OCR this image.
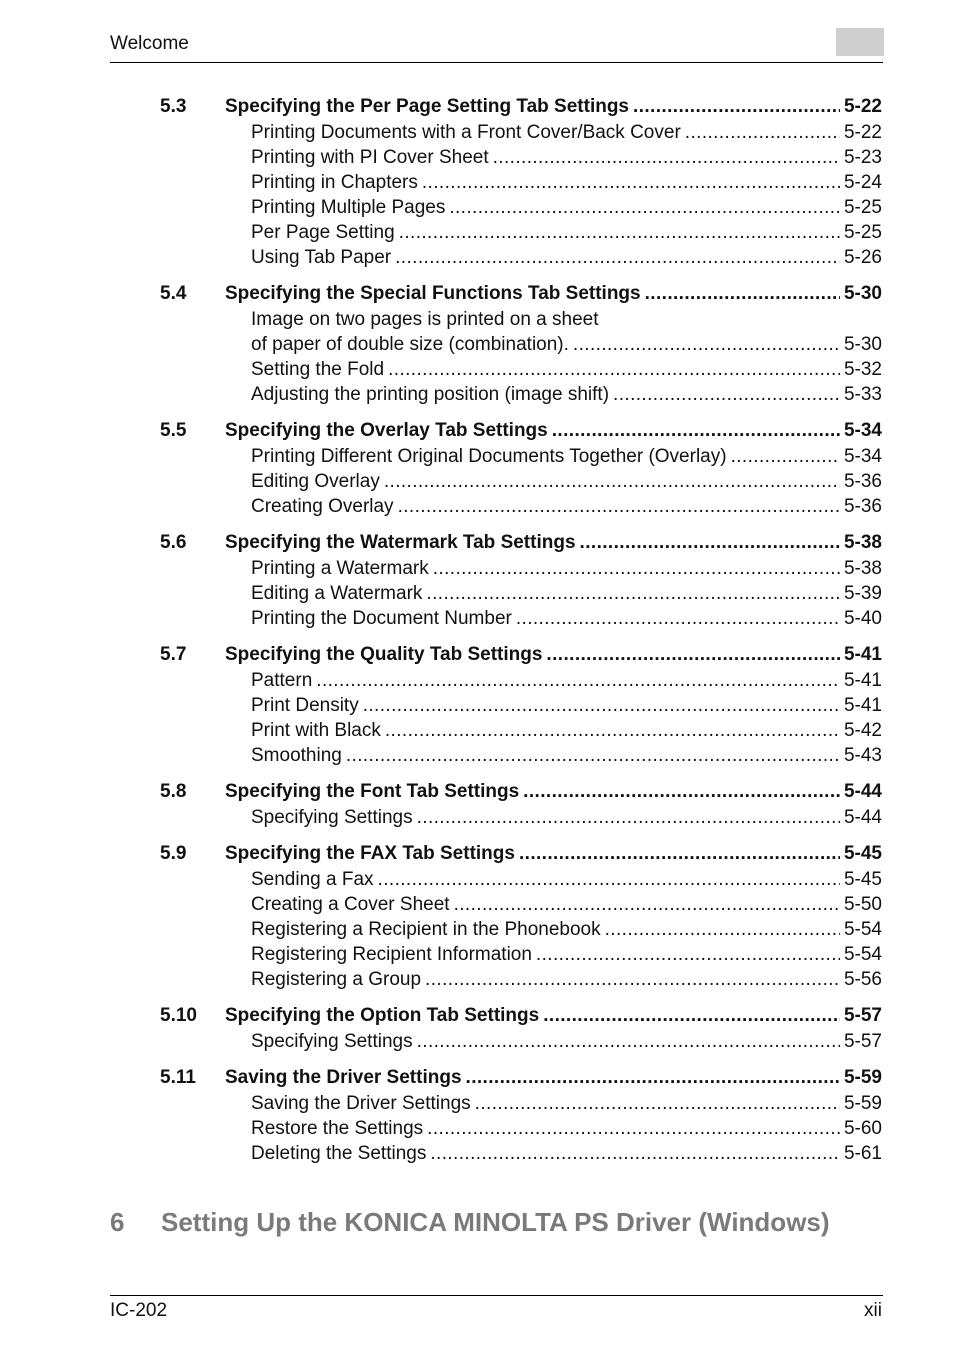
Welcome
5.3	Specifying the Per Page Setting Tab Settings .....	5-22
Printing Documents with a Front Cover/Back Cover .....	5-22
Printing with PI Cover Sheet .....	5-23
Printing in Chapters .....	5-24
Printing Multiple Pages .....	5-25
Per Page Setting .....	5-25
Using Tab Paper .....	5-26
5.4	Specifying the Special Functions Tab Settings .....	5-30
Image on two pages is printed on a sheet
of paper of double size (combination). .....	5-30
Setting the Fold .....	5-32
Adjusting the printing position (image shift) .....	5-33
5.5	Specifying the Overlay Tab Settings .....	5-34
Printing Different Original Documents Together (Overlay) .....	5-34
Editing Overlay .....	5-36
Creating Overlay .....	5-36
5.6	Specifying the Watermark Tab Settings .....	5-38
Printing a Watermark .....	5-38
Editing a Watermark .....	5-39
Printing the Document Number .....	5-40
5.7	Specifying the Quality Tab Settings .....	5-41
Pattern .....	5-41
Print Density .....	5-41
Print with Black .....	5-42
Smoothing .....	5-43
5.8	Specifying the Font Tab Settings .....	5-44
Specifying Settings .....	5-44
5.9	Specifying the FAX Tab Settings .....	5-45
Sending a Fax .....	5-45
Creating a Cover Sheet .....	5-50
Registering a Recipient in the Phonebook .....	5-54
Registering Recipient Information .....	5-54
Registering a Group .....	5-56
5.10	Specifying the Option Tab Settings .....	5-57
Specifying Settings .....	5-57
5.11	Saving the Driver Settings .....	5-59
Saving the Driver Settings .....	5-59
Restore the Settings .....	5-60
Deleting the Settings .....	5-61
6	Setting Up the KONICA MINOLTA PS Driver (Windows)
IC-202	xii
